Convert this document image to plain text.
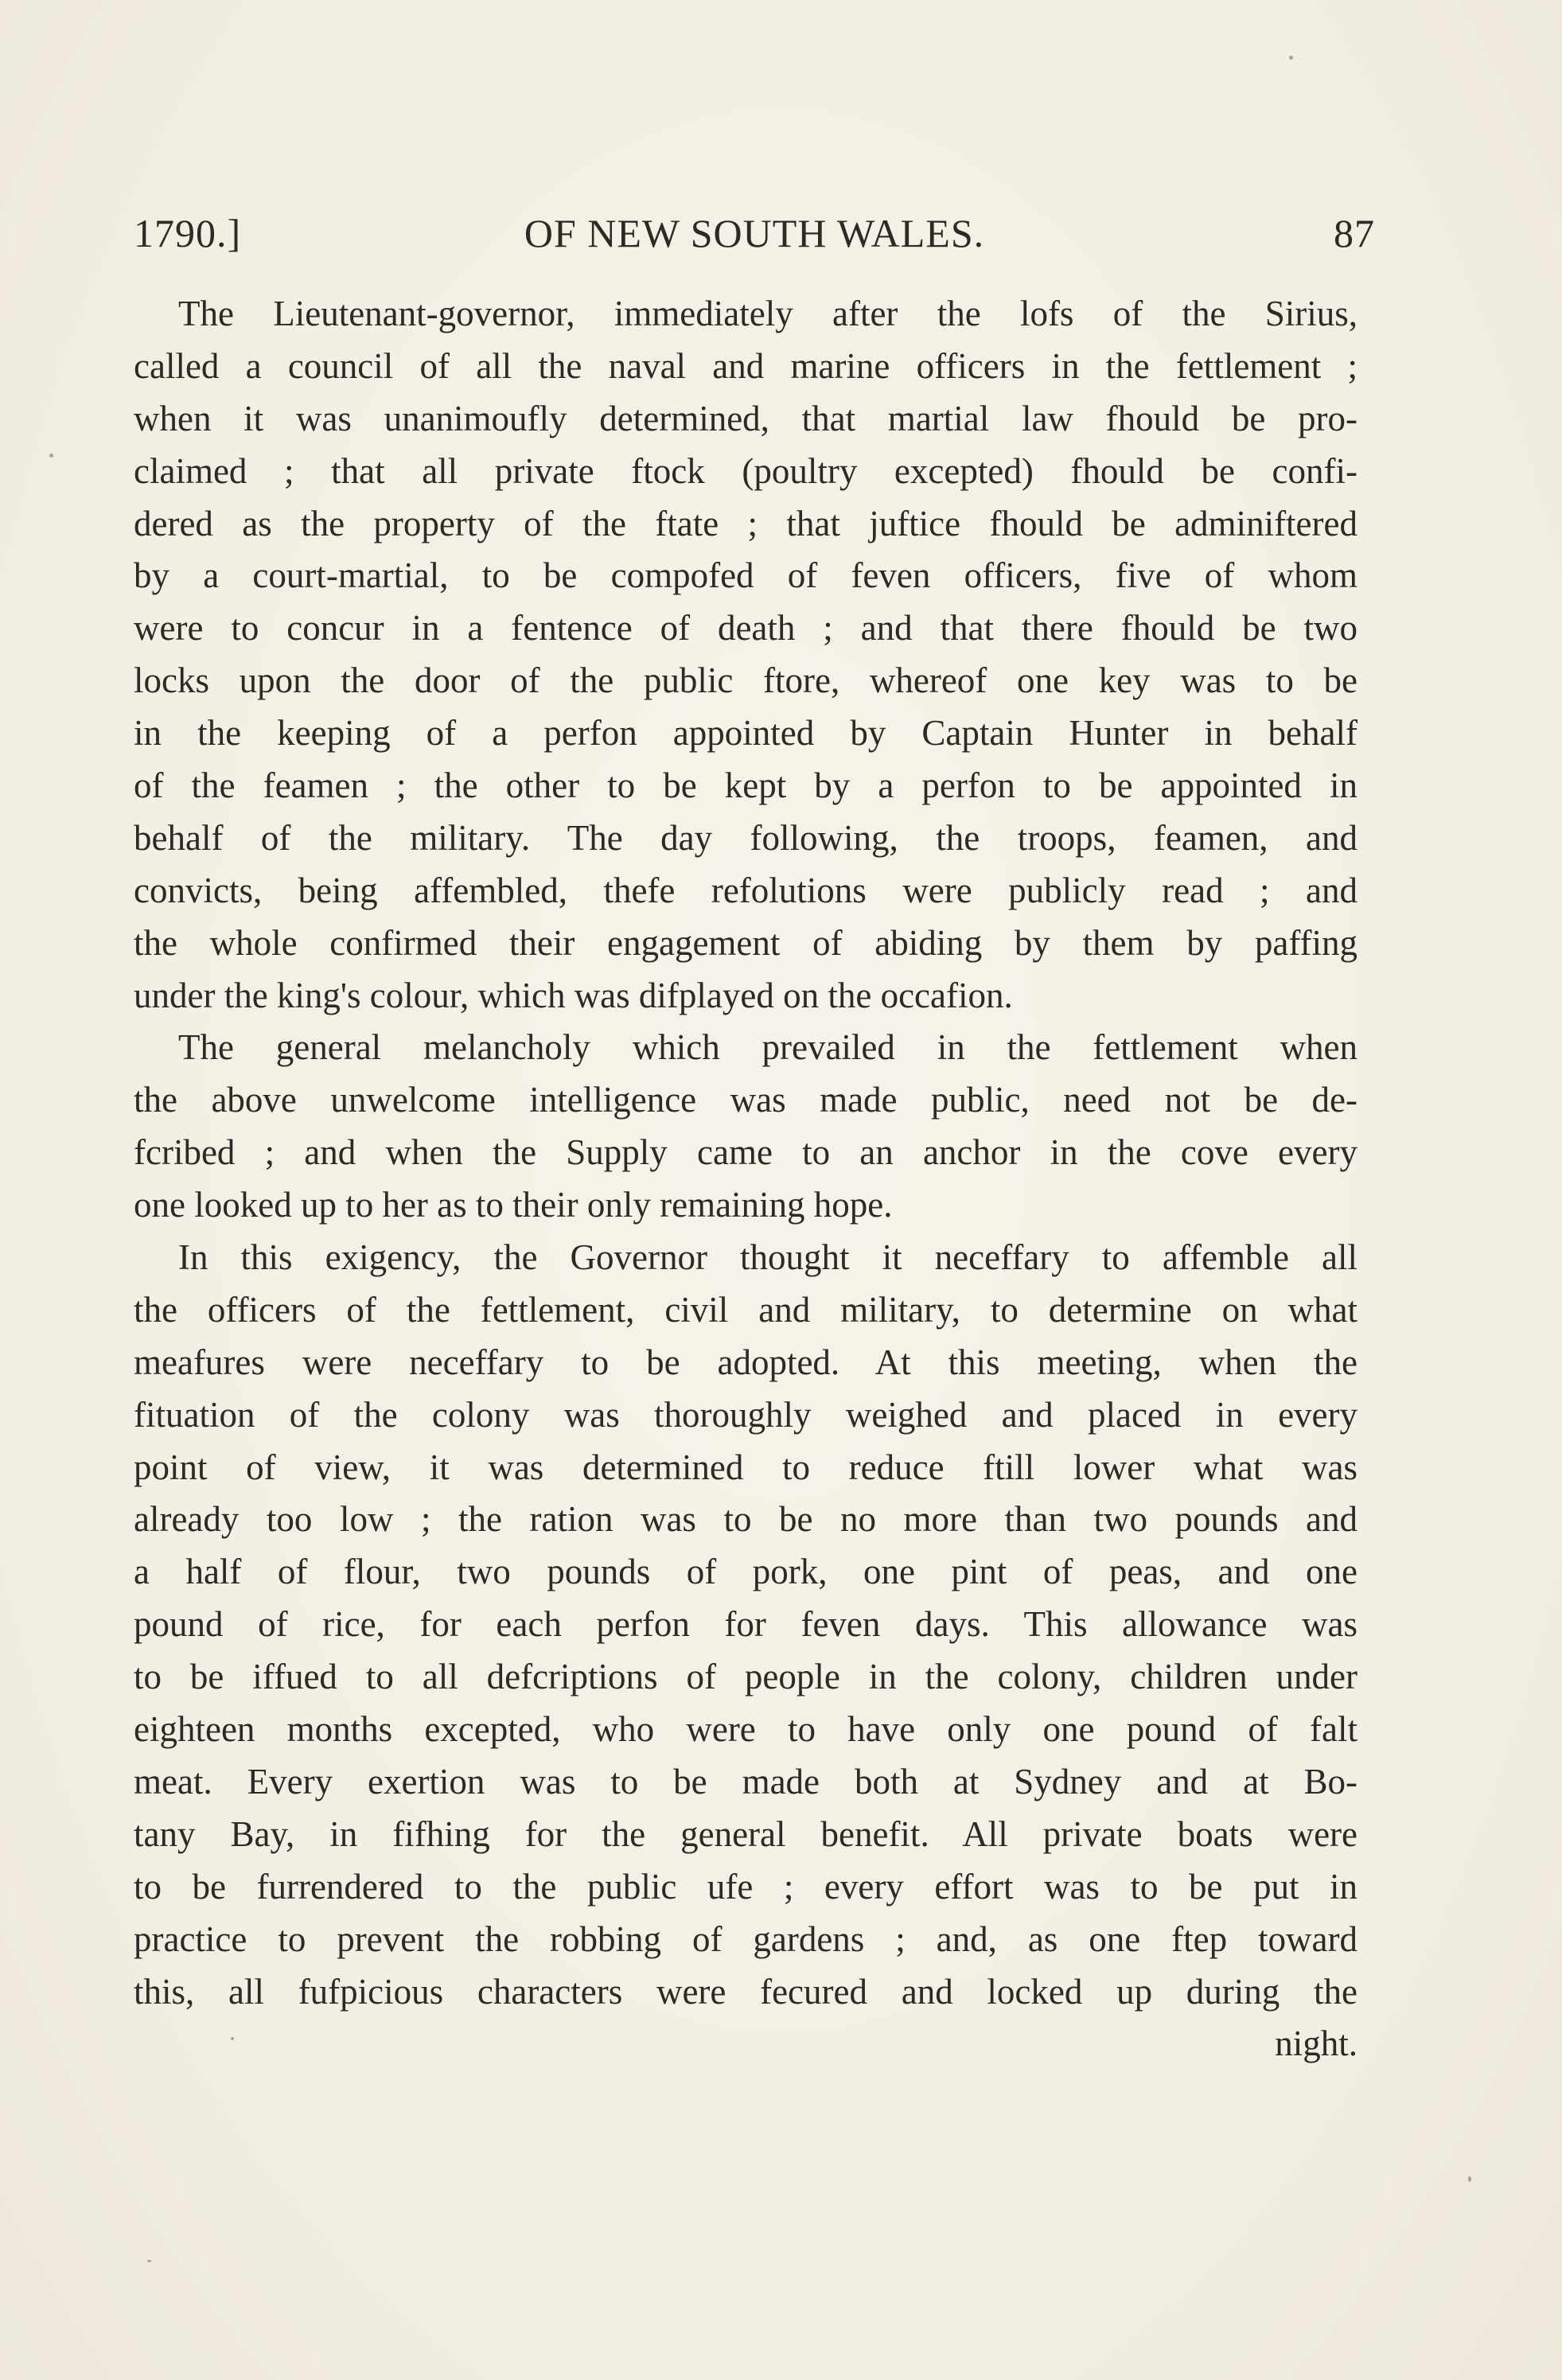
OF NEW SOUTH WALES.
1790.]	87
The Lieutenant-governor, immediately after the lofs of the Sirius,
called a council of all the naval and marine officers in the fettlement ;
when it was unanimoufly determined, that martial law fhould be pro-
claimed ; that all private ftock (poultry excepted) fhould be confi-
dered as the property of the ftate ; that juftice fhould be adminiftered
by a court-martial, to be compofed of feven officers, five of whom
were to concur in a fentence of death ; and that there fhould be two
locks upon the door of the public ftore, whereof one key was to be
in the keeping of a perfon appointed by Captain Hunter in behalf
of the feamen ; the other to be kept by a perfon to be appointed in
behalf of the military. The day following, the troops, feamen, and
convicts, being affembled, thefe refolutions were publicly read ; and
the whole confirmed their engagement of abiding by them by paffing
under the king's colour, which was difplayed on the occafion.
The general melancholy which prevailed in the fettlement when
the above unwelcome intelligence was made public, need not be de-
fcribed ; and when the Supply came to an anchor in the cove every
one looked up to her as to their only remaining hope.
In this exigency, the Governor thought it neceffary to affemble all
the officers of the fettlement, civil and military, to determine on what
meafures were neceffary to be adopted. At this meeting, when the
fituation of the colony was thoroughly weighed and placed in every
point of view, it was determined to reduce ftill lower what was
already too low ; the ration was to be no more than two pounds and
a half of flour, two pounds of pork, one pint of peas, and one
pound of rice, for each perfon for feven days. This allowance was
to be iffued to all defcriptions of people in the colony, children under
eighteen months excepted, who were to have only one pound of falt
meat. Every exertion was to be made both at Sydney and at Bo-
tany Bay, in fifhing for the general benefit. All private boats were
to be furrendered to the public ufe ; every effort was to be put in
practice to prevent the robbing of gardens ; and, as one ftep toward
this, all fufpicious characters were fecured and locked up during the
night.
